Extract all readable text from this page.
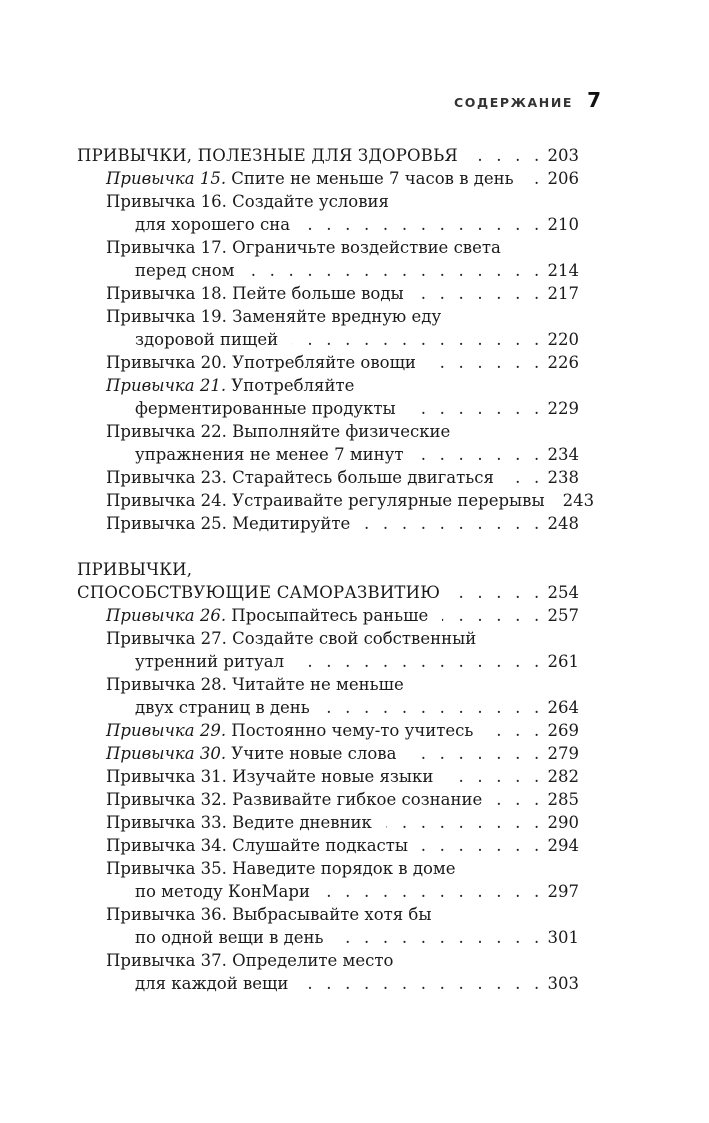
СОДЕРЖАНИЕ 7
ПРИВЫЧКИ, ПОЛЕЗНЫЕ ДЛЯ ЗДОРОВЬЯ . . .	203
Привычка 15. Спите не меньше 7 часов в день . . . 206
Привычка 16. Создайте условия
для хорошего сна . . .	210
Привычка 17. Ограничьте воздействие света
перед сном . . .	214
Привычка 18. Пейте больше воды . . .	217
Привычка 19. Заменяйте вредную еду
здоровой пищей . . .	220
Привычка 20. Употребляйте овощи . . .	226
Привычка 21. Употребляйте
ферментированные продукты . . .	229
Привычка 22. Выполняйте физические
упражнения не менее 7 минут . . .	234
Привычка 23. Старайтесь больше двигаться . . .	238
Привычка 24. Устраивайте регулярные перерывы 243
Привычка 25. Медитируйте . . .	248
ПРИВЫЧКИ,
СПОСОБСТВУЮЩИЕ САМОРАЗВИТИЮ . . .	254
Привычка 26. Просыпайтесь раньше . . .	257
Привычка 27. Создайте свой собственный
утренний ритуал . . .	261
Привычка 28. Читайте не меньше
двух страниц в день . . .	264
Привычка 29. Постоянно чему-то учитесь . . .	269
Привычка 30. Учите новые слова . . .	279
Привычка 31. Изучайте новые языки . . .	282
Привычка 32. Развивайте гибкое сознание . . .	285
Привычка 33. Ведите дневник . . .	290
Привычка 34. Слушайте подкасты . . .	294
Привычка 35. Наведите порядок в доме
по методу КонМари . . .	297
Привычка 36. Выбрасывайте хотя бы
по одной вещи в день . . .	301
Привычка 37. Определите место
для каждой вещи . . .	303
